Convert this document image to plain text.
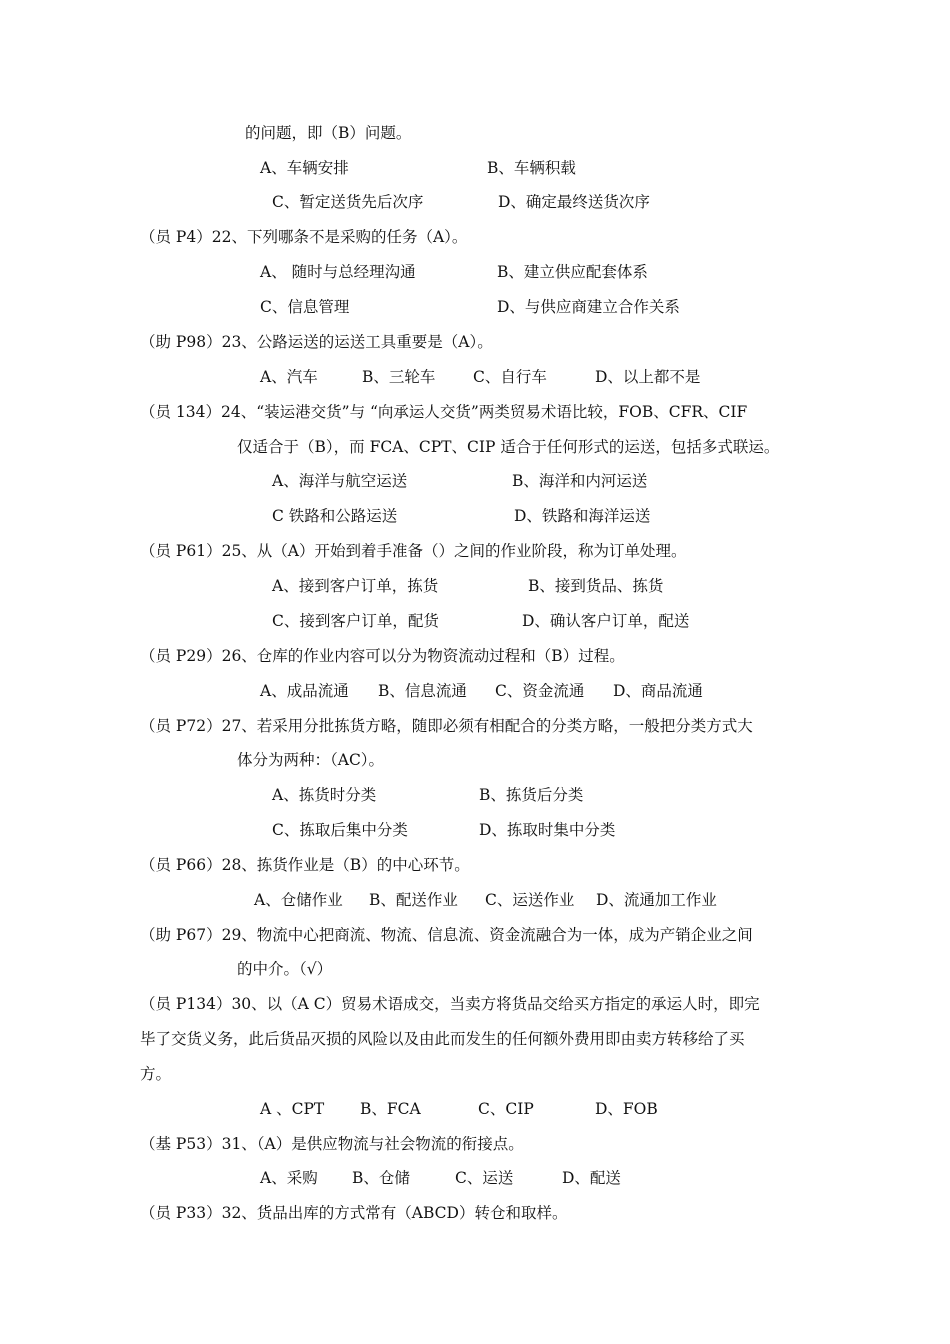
的问题，即（B）问题。
A、车辆安排	B、车辆积载
C、暂定送货先后次序	D、确定最终送货次序
（员 P4）22、下列哪条不是采购的任务（A）。
A、 随时与总经理沟通	B、建立供应配套体系
C、信息管理	D、与供应商建立合作关系
（助 P98）23、公路运送的运送工具重要是（A）。
A、汽车	B、三轮车 C、自行车	D、以上都不是
（员 134）24、“装运港交货”与 “向承运人交货”两类贸易术语比较，FOB、CFR、CIF
仅适合于（B），而 FCA、CPT、CIP 适合于任何形式的运送，包括多式联运。
A、海洋与航空运送	B、海洋和内河运送
C 铁路和公路运送	D、铁路和海洋运送
（员 P61）25、从（A）开始到着手准备（）之间的作业阶段，称为订单处理。
A、接到客户订单，拣货	B、接到货品、拣货
C、接到客户订单，配货	D、确认客户订单，配送
（员 P29）26、仓库的作业内容可以分为物资流动过程和（B）过程。
A、成品流通 B、信息流通 C、资金流通 D、商品流通
（员 P72）27、若采用分批拣货方略，随即必须有相配合的分类方略，一般把分类方式大
体分为两种：（AC）。
A、拣货时分类	B、拣货后分类
C、拣取后集中分类	D、拣取时集中分类
（员 P66）28、拣货作业是（B）的中心环节。
A、仓储作业 B、配送作业 C、运送作业 D、流通加工作业
（助 P67）29、物流中心把商流、物流、信息流、资金流融合为一体，成为产销企业之间
的中介。（√）
（员 P134）30、以（A C）贸易术语成交，当卖方将货品交给买方指定的承运人时，即完
毕了交货义务，此后货品灭损的风险以及由此而发生的任何额外费用即由卖方转移给了买
方。
A 、CPT B、FCA	C、CIP	D、FOB
（基 P53）31、（A）是供应物流与社会物流的衔接点。
A、采购 B、仓储	C、运送	D、配送
（员 P33）32、货品出库的方式常有（ABCD）转仓和取样。
